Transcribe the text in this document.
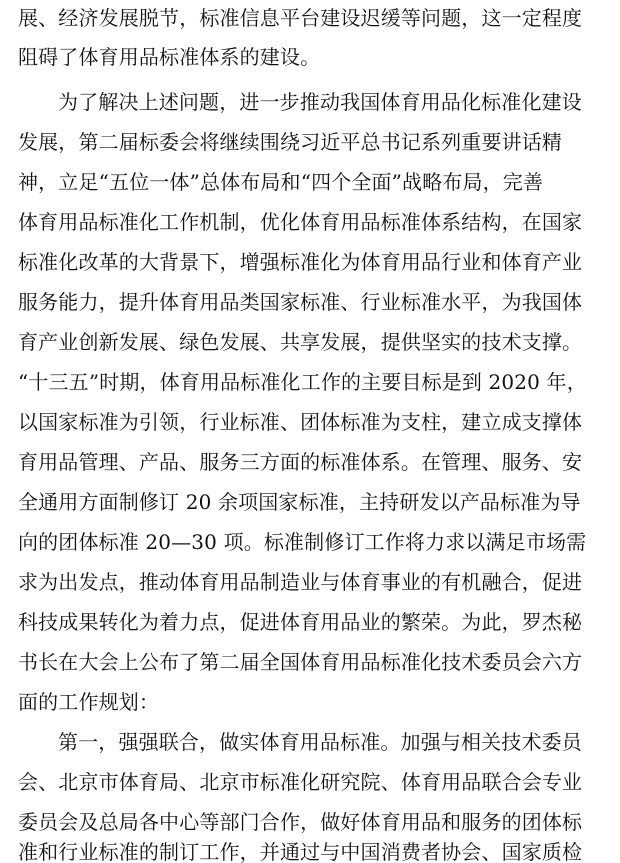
展、经济发展脱节，标准信息平台建设迟缓等问题，这一定程度
阻碍了体育用品标准体系的建设。
为了解决上述问题，进一步推动我国体育用品化标准化建设
发展，第二届标委会将继续围绕习近平总书记系列重要讲话精
神，立足“五位一体”总体布局和“四个全面”战略布局，完善
体育用品标准化工作机制，优化体育用品标准体系结构，在国家
标准化改革的大背景下，增强标准化为体育用品行业和体育产业
服务能力，提升体育用品类国家标准、行业标准水平，为我国体
育产业创新发展、绿色发展、共享发展，提供坚实的技术支撑。
“十三五”时期，体育用品标准化工作的主要目标是到 2020 年，
以国家标准为引领，行业标准、团体标准为支柱，建立成支撑体
育用品管理、产品、服务三方面的标准体系。在管理、服务、安
全通用方面制修订 20 余项国家标准，主持研发以产品标准为导
向的团体标准 20—30 项。标准制修订工作将力求以满足市场需
求为出发点，推动体育用品制造业与体育事业的有机融合，促进
科技成果转化为着力点，促进体育用品业的繁荣。为此，罗杰秘
书长在大会上公布了第二届全国体育用品标准化技术委员会六方
面的工作规划：
第一，强强联合，做实体育用品标准。加强与相关技术委员
会、北京市体育局、北京市标准化研究院、体育用品联合会专业
委员会及总局各中心等部门合作，做好体育用品和服务的团体标
准和行业标准的制订工作，并通过与中国消费者协会、国家质检
